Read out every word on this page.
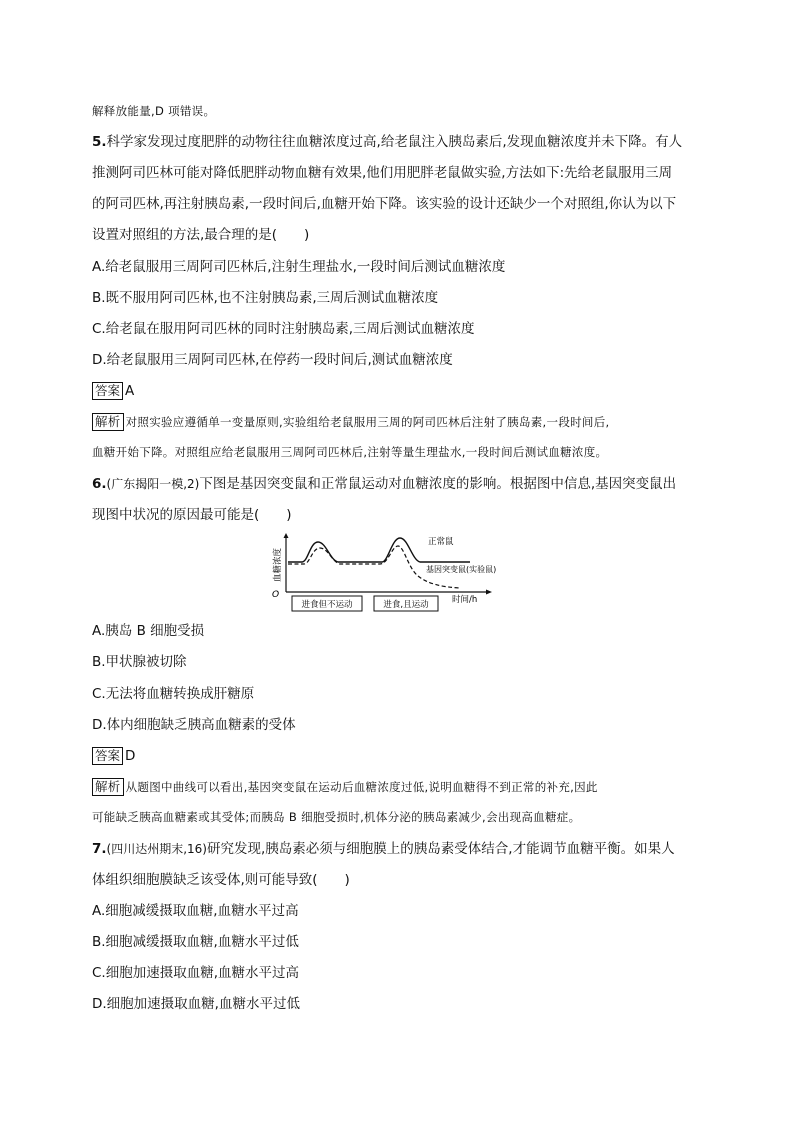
解释放能量,D 项错误。
5.科学家发现过度肥胖的动物往往血糖浓度过高,给老鼠注入胰岛素后,发现血糖浓度并未下降。有人
推测阿司匹林可能对降低肥胖动物血糖有效果,他们用肥胖老鼠做实验,方法如下:先给老鼠服用三周
的阿司匹林,再注射胰岛素,一段时间后,血糖开始下降。该实验的设计还缺少一个对照组,你认为以下
设置对照组的方法,最合理的是(　　)
A.给老鼠服用三周阿司匹林后,注射生理盐水,一段时间后测试血糖浓度
B.既不服用阿司匹林,也不注射胰岛素,三周后测试血糖浓度
C.给老鼠在服用阿司匹林的同时注射胰岛素,三周后测试血糖浓度
D.给老鼠服用三周阿司匹林,在停药一段时间后,测试血糖浓度
答案 A
解析 对照实验应遵循单一变量原则,实验组给老鼠服用三周的阿司匹林后注射了胰岛素,一段时间后,
血糖开始下降。对照组应给老鼠服用三周阿司匹林后,注射等量生理盐水,一段时间后测试血糖浓度。
6.(广东揭阳一模,2)下图是基因突变鼠和正常鼠运动对血糖浓度的影响。根据图中信息,基因突变鼠出
现图中状况的原因最可能是(　　)
血糖浓度
O	时间/h
正常鼠
基因突变鼠(实验鼠)
进食但不运动	进食,且运动
A.胰岛 B 细胞受损
B.甲状腺被切除
C.无法将血糖转换成肝糖原
D.体内细胞缺乏胰高血糖素的受体
答案 D
解析 从题图中曲线可以看出,基因突变鼠在运动后血糖浓度过低,说明血糖得不到正常的补充,因此
可能缺乏胰高血糖素或其受体;而胰岛 B 细胞受损时,机体分泌的胰岛素减少,会出现高血糖症。
7.(四川达州期末,16)研究发现,胰岛素必须与细胞膜上的胰岛素受体结合,才能调节血糖平衡。如果人
体组织细胞膜缺乏该受体,则可能导致(　　)
A.细胞减缓摄取血糖,血糖水平过高
B.细胞减缓摄取血糖,血糖水平过低
C.细胞加速摄取血糖,血糖水平过高
D.细胞加速摄取血糖,血糖水平过低
